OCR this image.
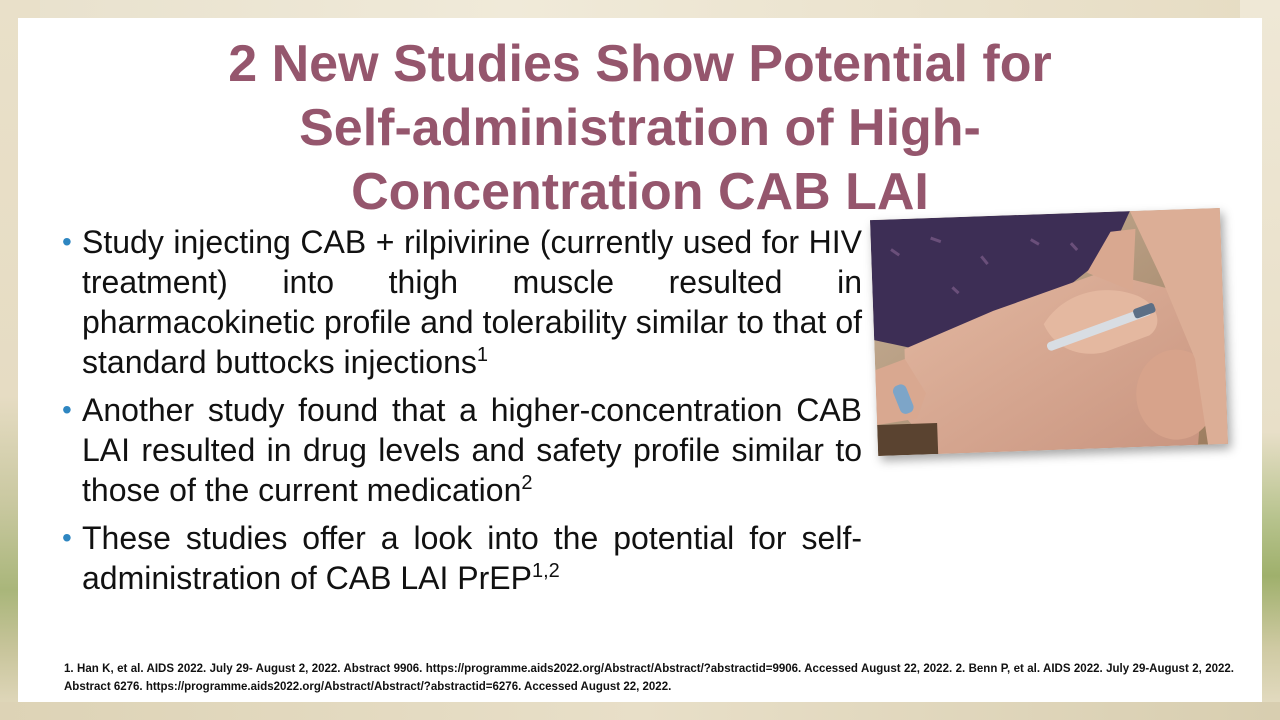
2 New Studies Show Potential for
Self-administration of High-
Concentration CAB LAI
• Study injecting CAB + rilpivirine (currently used for HIV treatment) into thigh muscle resulted in pharmacokinetic profile and tolerability similar to that of standard buttocks injections$^1$
• Another study found that a higher-concentration CAB LAI resulted in drug levels and safety profile similar to those of the current medication$^2$
• These studies offer a look into the potential for self-administration of CAB LAI PrEP$^{1,2}$
1. Han K, et al. AIDS 2022. July 29- August 2, 2022. Abstract 9906. https://programme.aids2022.org/Abstract/Abstract/?abstractid=9906. Accessed August 22, 2022. 2. Benn P, et al. AIDS 2022. July 29-August 2, 2022. Abstract 6276. https://programme.aids2022.org/Abstract/Abstract/?abstractid=6276. Accessed August 22, 2022.
